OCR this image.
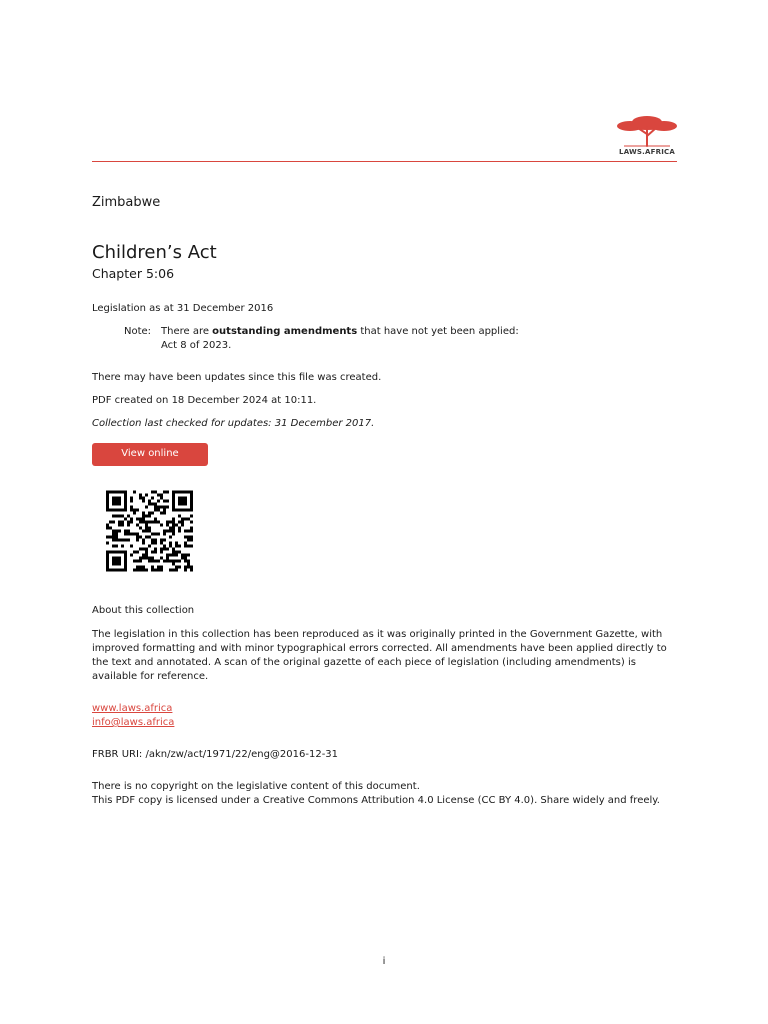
LAWS.AFRICA
Zimbabwe
Children’s Act
Chapter 5:06
Legislation as at 31 December 2016
Note: There are outstanding amendments that have not yet been applied:
Act 8 of 2023.
There may have been updates since this file was created.
PDF created on 18 December 2024 at 10:11.
Collection last checked for updates: 31 December 2017.
View online
About this collection
The legislation in this collection has been reproduced as it was originally printed in the Government Gazette, with improved formatting and with minor typographical errors corrected. All amendments have been applied directly to the text and annotated. A scan of the original gazette of each piece of legislation (including amendments) is available for reference.
www.laws.africa
info@laws.africa
FRBR URI: /akn/zw/act/1971/22/eng@2016-12-31
There is no copyright on the legislative content of this document.
This PDF copy is licensed under a Creative Commons Attribution 4.0 License (CC BY 4.0). Share widely and freely.
i
